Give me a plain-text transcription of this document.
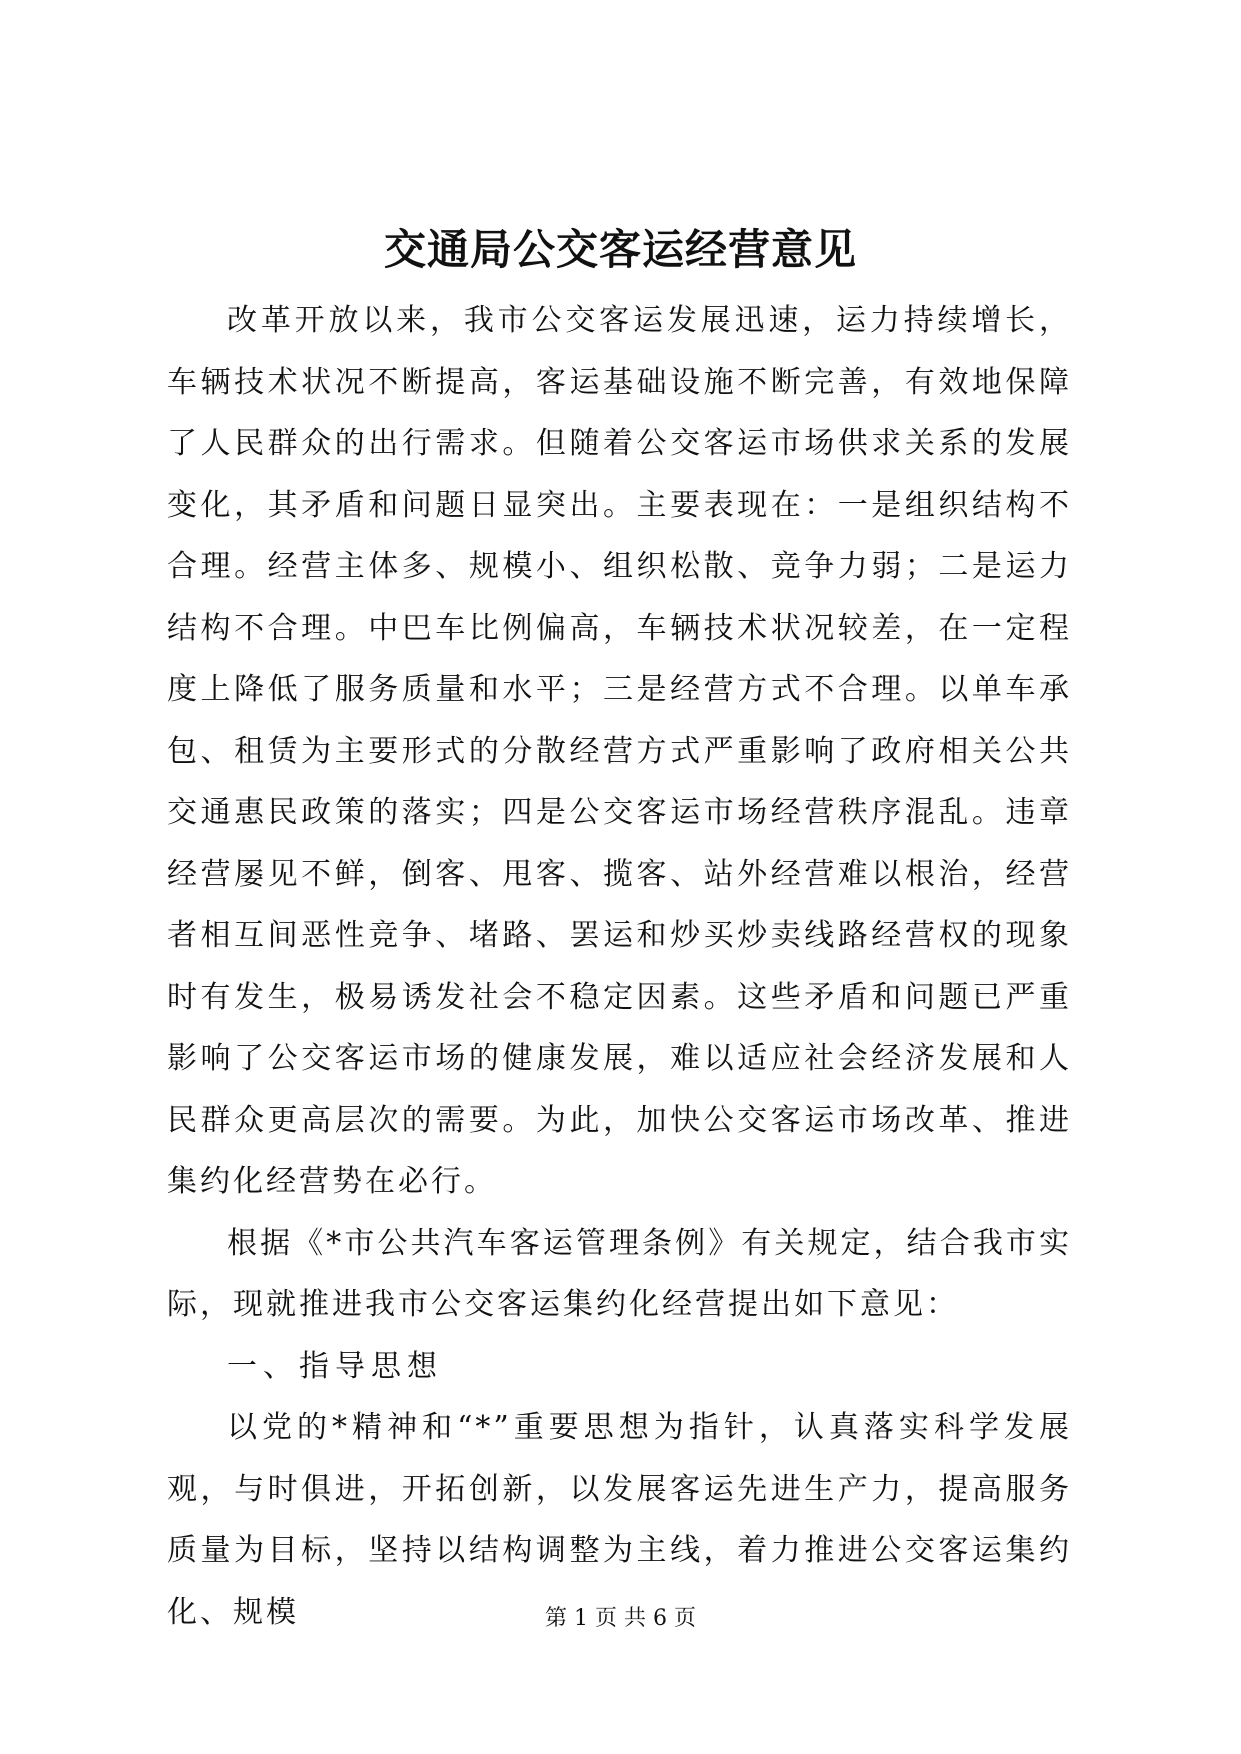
交通局公交客运经营意见

改革开放以来，我市公交客运发展迅速，运力持续增长，车辆技术状况不断提高，客运基础设施不断完善，有效地保障了人民群众的出行需求。但随着公交客运市场供求关系的发展变化，其矛盾和问题日显突出。主要表现在：一是组织结构不合理。经营主体多、规模小、组织松散、竞争力弱；二是运力结构不合理。中巴车比例偏高，车辆技术状况较差，在一定程度上降低了服务质量和水平；三是经营方式不合理。以单车承包、租赁为主要形式的分散经营方式严重影响了政府相关公共交通惠民政策的落实；四是公交客运市场经营秩序混乱。违章经营屡见不鲜，倒客、甩客、揽客、站外经营难以根治，经营者相互间恶性竞争、堵路、罢运和炒买炒卖线路经营权的现象时有发生，极易诱发社会不稳定因素。这些矛盾和问题已严重影响了公交客运市场的健康发展，难以适应社会经济发展和人民群众更高层次的需要。为此，加快公交客运市场改革、推进集约化经营势在必行。

根据《*市公共汽车客运管理条例》有关规定，结合我市实际，现就推进我市公交客运集约化经营提出如下意见：

一、指导思想

以党的*精神和“*”重要思想为指针，认真落实科学发展观，与时俱进，开拓创新，以发展客运先进生产力，提高服务质量为目标，坚持以结构调整为主线，着力推进公交客运集约化、规模	第 1 页 共 6 页
